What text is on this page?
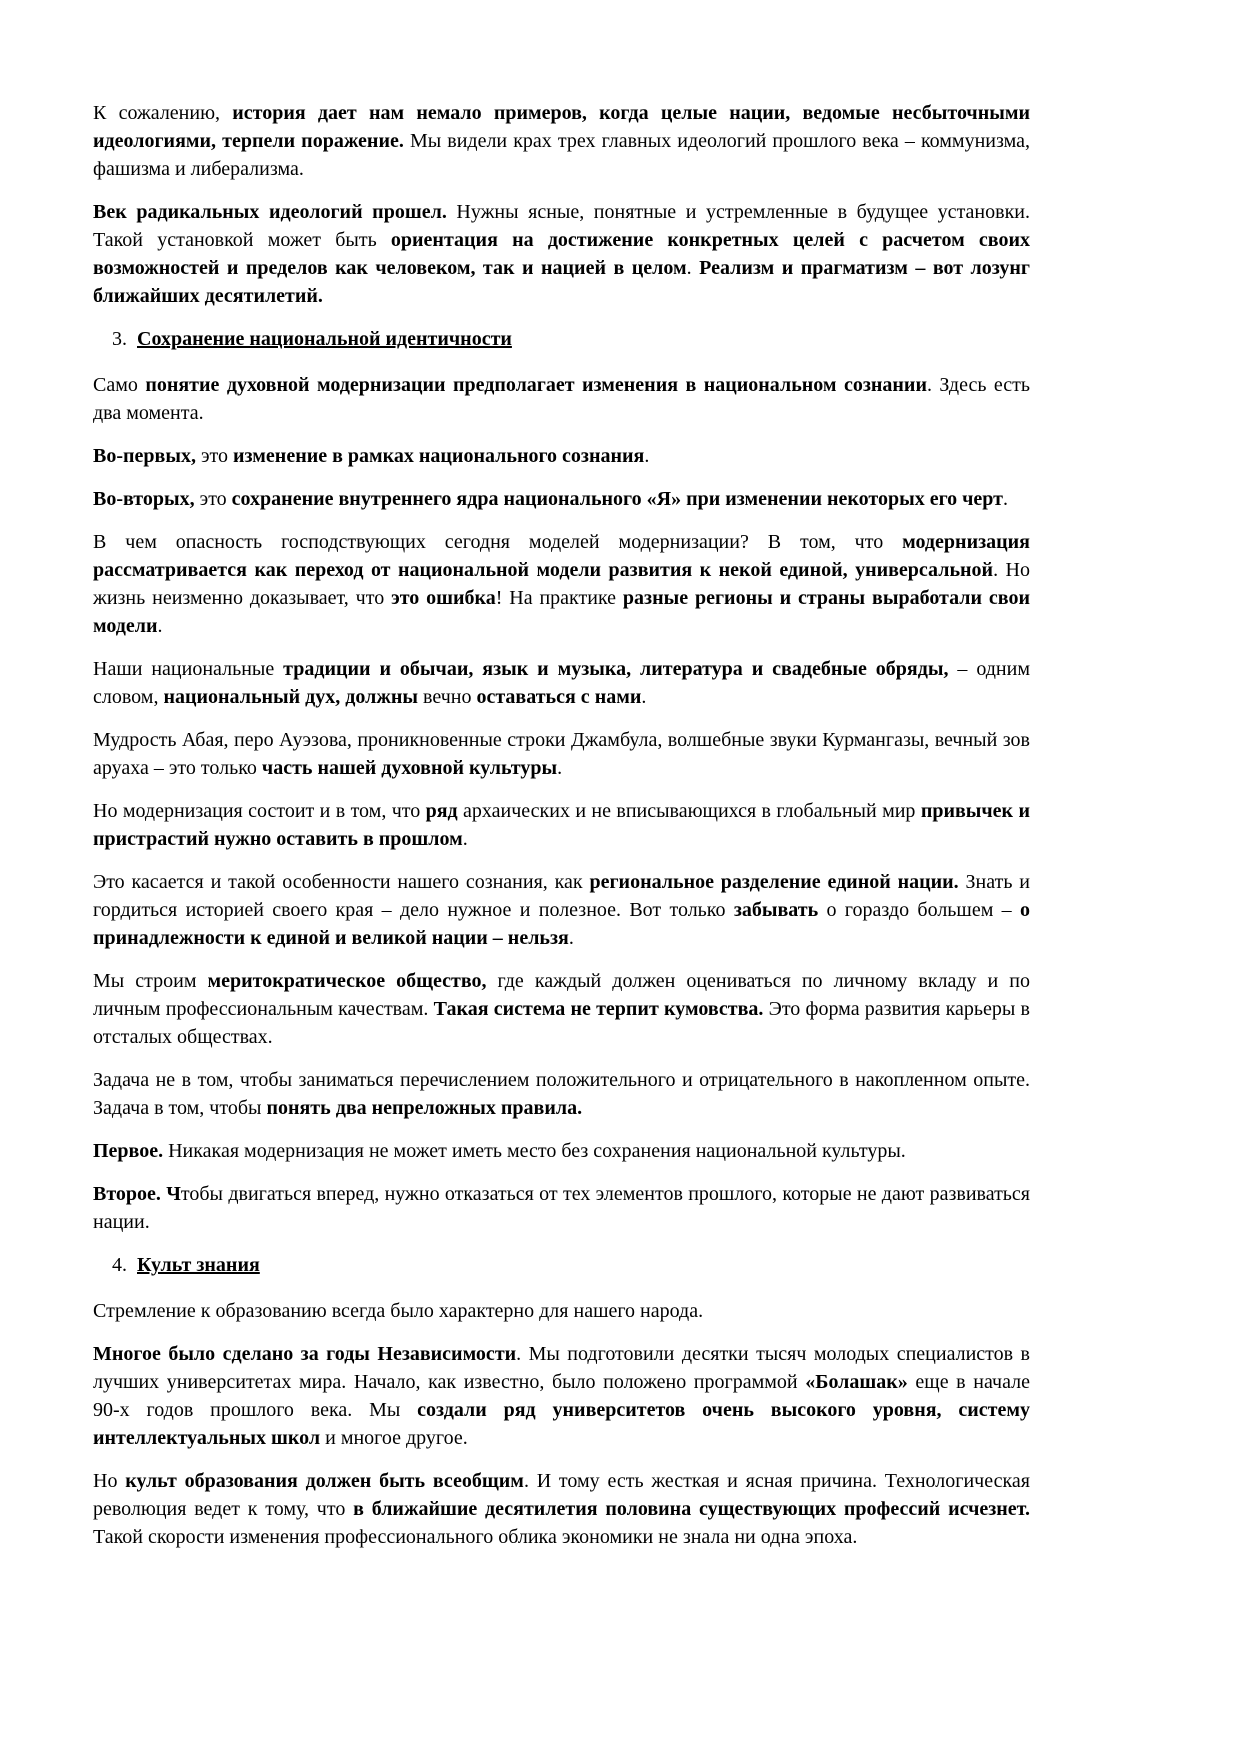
К сожалению, история дает нам немало примеров, когда целые нации, ведомые несбыточными идеологиями, терпели поражение. Мы видели крах трех главных идеологий прошлого века – коммунизма, фашизма и либерализма.

Век радикальных идеологий прошел. Нужны ясные, понятные и устремленные в будущее установки. Такой установкой может быть ориентация на достижение конкретных целей с расчетом своих возможностей и пределов как человеком, так и нацией в целом. Реализм и прагматизм – вот лозунг ближайших десятилетий.

3. Сохранение национальной идентичности

Само понятие духовной модернизации предполагает изменения в национальном сознании. Здесь есть два момента.

Во-первых, это изменение в рамках национального сознания.

Во-вторых, это сохранение внутреннего ядра национального «Я» при изменении некоторых его черт.

В чем опасность господствующих сегодня моделей модернизации? В том, что модернизация рассматривается как переход от национальной модели развития к некой единой, универсальной. Но жизнь неизменно доказывает, что это ошибка! На практике разные регионы и страны выработали свои модели.

Наши национальные традиции и обычаи, язык и музыка, литература и свадебные обряды, – одним словом, национальный дух, должны вечно оставаться с нами.

Мудрость Абая, перо Ауэзова, проникновенные строки Джамбула, волшебные звуки Курмангазы, вечный зов аруаха – это только часть нашей духовной культуры.

Но модернизация состоит и в том, что ряд архаических и не вписывающихся в глобальный мир привычек и пристрастий нужно оставить в прошлом.

Это касается и такой особенности нашего сознания, как региональное разделение единой нации. Знать и гордиться историей своего края – дело нужное и полезное. Вот только забывать о гораздо большем – о принадлежности к единой и великой нации – нельзя.

Мы строим меритократическое общество, где каждый должен оцениваться по личному вкладу и по личным профессиональным качествам. Такая система не терпит кумовства. Это форма развития карьеры в отсталых обществах.

Задача не в том, чтобы заниматься перечислением положительного и отрицательного в накопленном опыте. Задача в том, чтобы понять два непреложных правила.

Первое. Никакая модернизация не может иметь место без сохранения национальной культуры.

Второе. Чтобы двигаться вперед, нужно отказаться от тех элементов прошлого, которые не дают развиваться нации.

4. Культ знания

Стремление к образованию всегда было характерно для нашего народа.

Многое было сделано за годы Независимости. Мы подготовили десятки тысяч молодых специалистов в лучших университетах мира. Начало, как известно, было положено программой «Болашак» еще в начале 90-х годов прошлого века. Мы создали ряд университетов очень высокого уровня, систему интеллектуальных школ и многое другое.

Но культ образования должен быть всеобщим. И тому есть жесткая и ясная причина. Технологическая революция ведет к тому, что в ближайшие десятилетия половина существующих профессий исчезнет. Такой скорости изменения профессионального облика экономики не знала ни одна эпоха.
